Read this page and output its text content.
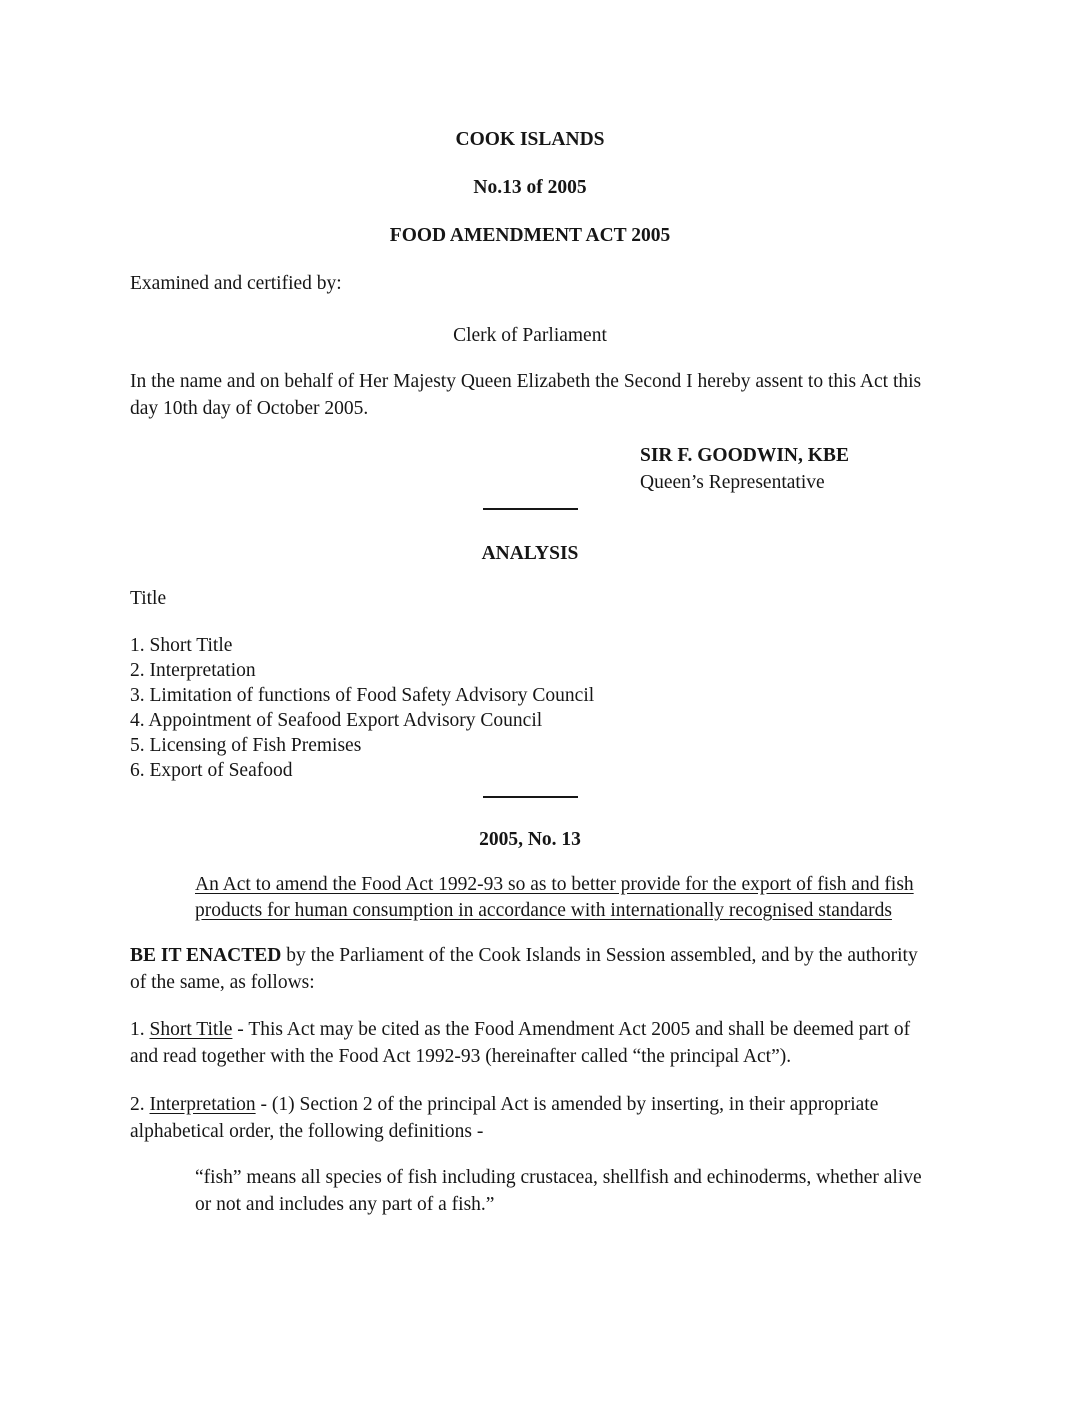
COOK ISLANDS

No.13 of 2005

FOOD AMENDMENT ACT 2005

Examined and certified by:

Clerk of Parliament

In the name and on behalf of Her Majesty Queen Elizabeth the Second I hereby assent to this Act this day 10th day of October 2005.

SIR F. GOODWIN, KBE
Queen’s Representative

ANALYSIS

Title

1. Short Title
2. Interpretation
3. Limitation of functions of Food Safety Advisory Council
4. Appointment of Seafood Export Advisory Council
5. Licensing of Fish Premises
6. Export of Seafood

2005, No. 13

An Act to amend the Food Act 1992-93 so as to better provide for the export of fish and fish products for human consumption in accordance with internationally recognised standards

BE IT ENACTED by the Parliament of the Cook Islands in Session assembled, and by the authority of the same, as follows:

1. Short Title - This Act may be cited as the Food Amendment Act 2005 and shall be deemed part of and read together with the Food Act 1992-93 (hereinafter called “the principal Act”).

2. Interpretation - (1) Section 2 of the principal Act is amended by inserting, in their appropriate alphabetical order, the following definitions -

“fish” means all species of fish including crustacea, shellfish and echinoderms, whether alive or not and includes any part of a fish.”
